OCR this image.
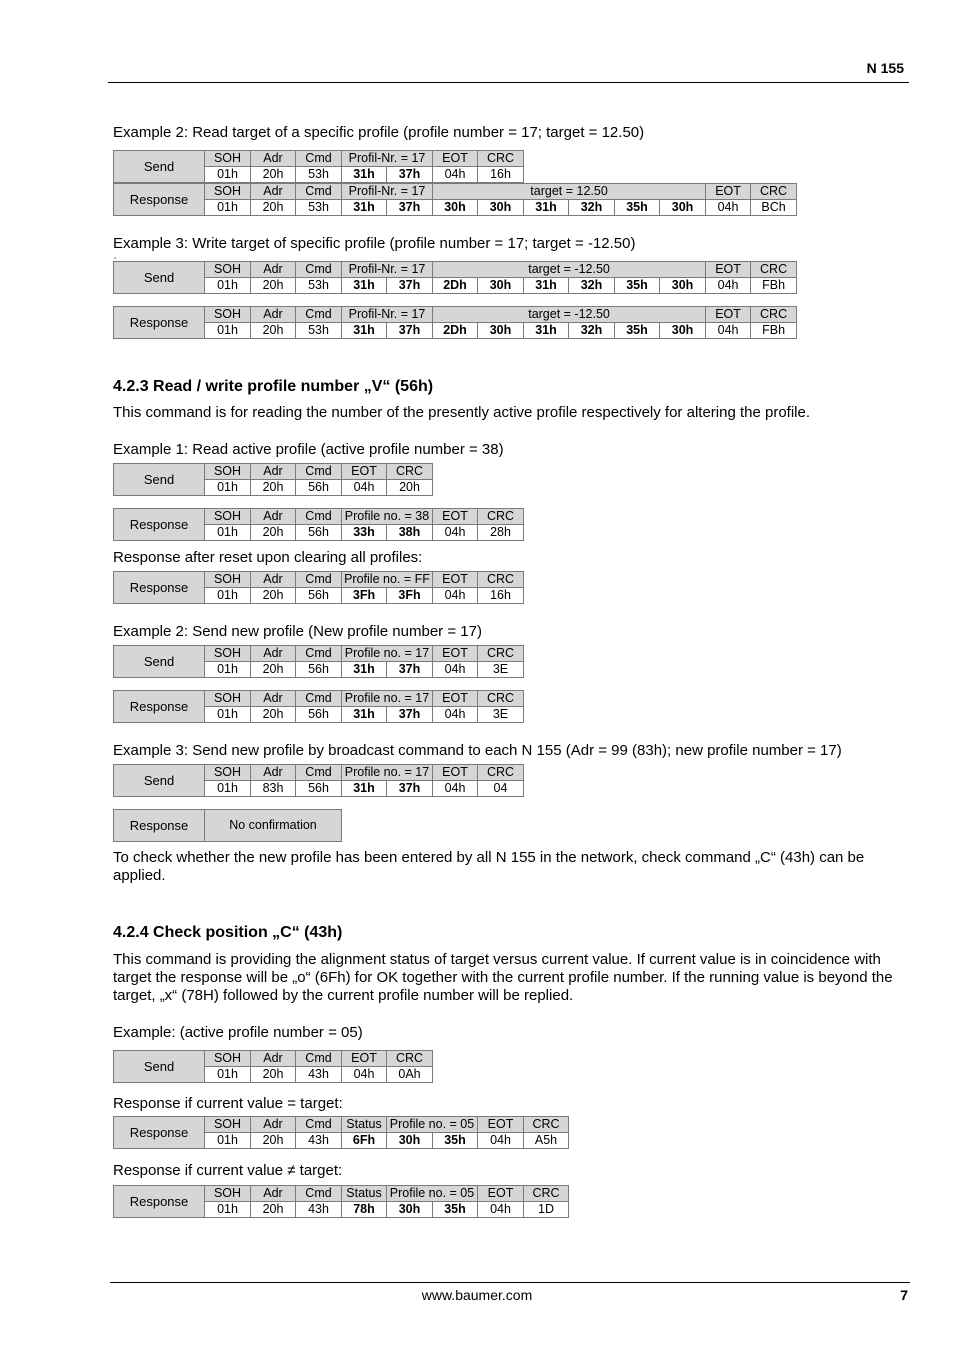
N 155
Example 2: Read target of a specific profile (profile number = 17; target = 12.50)
Send	SOH	Adr	Cmd	Profil-Nr. = 17		EOT	CRC
	01h	20h	53h	31h	37h	04h	16h
Response	SOH	Adr	Cmd	Profil-Nr. = 17		target = 12.50						EOT	CRC
	01h	20h	53h	31h	37h	30h	30h	31h	32h	35h	30h	04h	BCh
Example 3: Write target of specific profile (profile number = 17; target = -12.50)
a
Send	SOH	Adr	Cmd	Profil-Nr. = 17		target = -12.50						EOT	CRC
	01h	20h	53h	31h	37h	2Dh	30h	31h	32h	35h	30h	04h	FBh
Response	SOH	Adr	Cmd	Profil-Nr. = 17		target = -12.50						EOT	CRC
	01h	20h	53h	31h	37h	2Dh	30h	31h	32h	35h	30h	04h	FBh
4.2.3 Read / write profile number „V“ (56h)
This command is for reading the number of the presently active profile respectively for altering the profile.
Example 1: Read active profile (active profile number = 38)
Send	SOH	Adr	Cmd	EOT	CRC
	01h	20h	56h	04h	20h
Response	SOH	Adr	Cmd	Profile no. = 38		EOT	CRC
	01h	20h	56h	33h	38h	04h	28h
Response after reset upon clearing all profiles:
Response	SOH	Adr	Cmd	Profile no. = FF		EOT	CRC
	01h	20h	56h	3Fh	3Fh	04h	16h
Example 2: Send new profile (New profile number = 17)
Send	SOH	Adr	Cmd	Profile no. = 17		EOT	CRC
	01h	20h	56h	31h	37h	04h	3E
Response	SOH	Adr	Cmd	Profile no. = 17		EOT	CRC
	01h	20h	56h	31h	37h	04h	3E
Example 3: Send new profile by broadcast command to each N 155 (Adr = 99 (83h); new profile number = 17)
Send	SOH	Adr	Cmd	Profile no. = 17		EOT	CRC
	01h	83h	56h	31h	37h	04h	04
Response	No confirmation
To check whether the new profile has been entered by all N 155 in the network, check command „C“ (43h) can be applied.
4.2.4 Check position „C“ (43h)
This command is providing the alignment status of target versus current value. If current value is in coincidence with target the response will be „o“ (6Fh) for OK together with the current profile number. If the running value is beyond the target, „x“ (78H) followed by the current profile number will be replied.
Example: (active profile number = 05)
Send	SOH	Adr	Cmd	EOT	CRC
	01h	20h	43h	04h	0Ah
Response if current value = target:
Response	SOH	Adr	Cmd	Status	Profile no. = 05		EOT	CRC
	01h	20h	43h	6Fh	30h	35h	04h	A5h
Response if current value ≠ target:
Response	SOH	Adr	Cmd	Status	Profile no. = 05		EOT	CRC
	01h	20h	43h	78h	30h	35h	04h	1D
www.baumer.com	7
